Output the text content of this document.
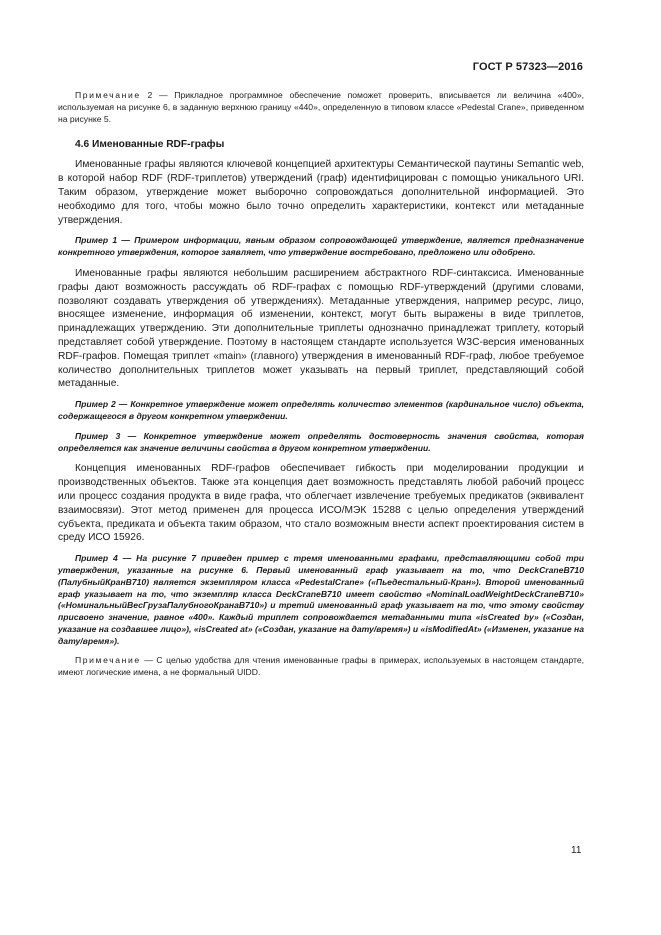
ГОСТ Р 57323—2016

Примечание 2 — Прикладное программное обеспечение поможет проверить, вписывается ли величина «400», используемая на рисунке 6, в заданную верхнюю границу «440», определенную в типовом классе «Pedestal Crane», приведенном на рисунке 5.

4.6 Именованные RDF-графы

Именованные графы являются ключевой концепцией архитектуры Семантической паутины Semantic web, в которой набор RDF (RDF-триплетов) утверждений (граф) идентифицирован с помощью уникального URI. Таким образом, утверждение может выборочно сопровождаться дополнительной информацией. Это необходимо для того, чтобы можно было точно определить характеристики, контекст или метаданные утверждения.

Пример 1 — Примером информации, явным образом сопровождающей утверждение, является предназначение конкретного утверждения, которое заявляет, что утверждение востребовано, предложено или одобрено.

Именованные графы являются небольшим расширением абстрактного RDF-синтаксиса. Именованные графы дают возможность рассуждать об RDF-графах с помощью RDF-утверждений (другими словами, позволяют создавать утверждения об утверждениях). Метаданные утверждения, например ресурс, лицо, вносящее изменение, информация об изменении, контекст, могут быть выражены в виде триплетов, принадлежащих утверждению. Эти дополнительные триплеты однозначно принадлежат триплету, который представляет собой утверждение. Поэтому в настоящем стандарте используется W3C-версия именованных RDF-графов. Помещая триплет «main» (главного) утверждения в именованный RDF-граф, любое требуемое количество дополнительных триплетов может указывать на первый триплет, представляющий собой метаданные.

Пример 2 — Конкретное утверждение может определять количество элементов (кардинальное число) объекта, содержащегося в другом конкретном утверждении.

Пример 3 — Конкретное утверждение может определять достоверность значения свойства, которая определяется как значение величины свойства в другом конкретном утверждении.

Концепция именованных RDF-графов обеспечивает гибкость при моделировании продукции и производственных объектов. Также эта концепция дает возможность представлять любой рабочий процесс или процесс создания продукта в виде графа, что облегчает извлечение требуемых предикатов (эквивалент взаимосвязи). Этот метод применен для процесса ИСО/МЭК 15288 с целью определения утверждений субъекта, предиката и объекта таким образом, что стало возможным внести аспект проектирования систем в среду ИСО 15926.

Пример 4 — На рисунке 7 приведен пример с тремя именованными графами, представляющими собой три утверждения, указанные на рисунке 6. Первый именованный граф указывает на то, что DeckCraneB710 (ПалубныйКранB710) является экземпляром класса «PedestalCrane» («Пьедестальный-Кран»). Второй именованный граф указывает на то, что экземпляр класса DeckCraneB710 имеет свойство «NominalLoadWeightDeckCraneB710» («НоминальныйВесГрузаПалубногоКранаB710») и третий именованный граф указывает на то, что этому свойству присвоено значение, равное «400». Каждый триплет сопровождается метаданными типа «isCreated by» («Создан, указание на создавшее лицо»), «isCreated at» («Создан, указание на дату/время») и «isModifiedAt» («Изменен, указание на дату/время»).

Примечание — С целью удобства для чтения именованные графы в примерах, используемых в настоящем стандарте, имеют логические имена, а не формальный UIDD.

11
